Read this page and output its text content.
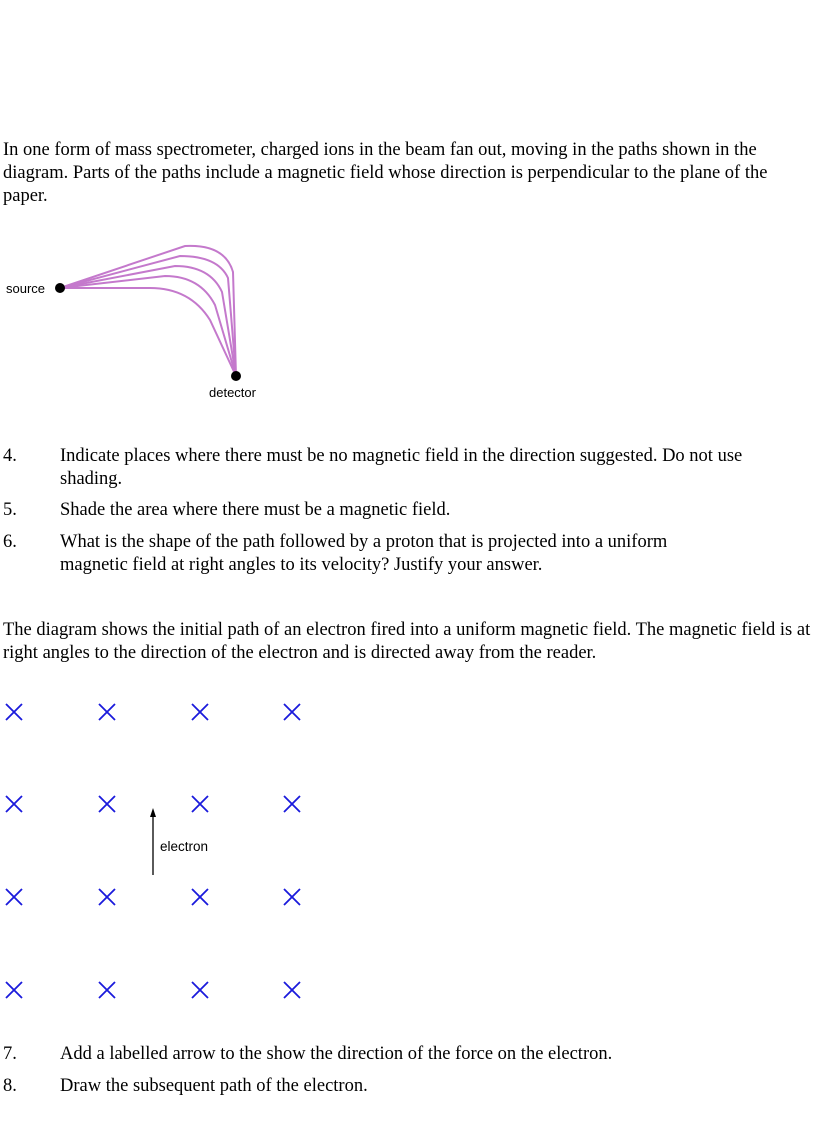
In one form of mass spectrometer, charged ions in the beam fan out, moving in the paths shown in the diagram. Parts of the paths include a magnetic field whose direction is perpendicular to the plane of the paper.

source
detector
4. Indicate places where there must be no magnetic field in the direction suggested. Do not use shading.
5. Shade the area where there must be a magnetic field.
6. What is the shape of the path followed by a proton that is projected into a uniform magnetic field at right angles to its velocity? Justify your answer.

The diagram shows the initial path of an electron fired into a uniform magnetic field. The magnetic field is at right angles to the direction of the electron and is directed away from the reader.

electron
7. Add a labelled arrow to the show the direction of the force on the electron.
8. Draw the subsequent path of the electron.
